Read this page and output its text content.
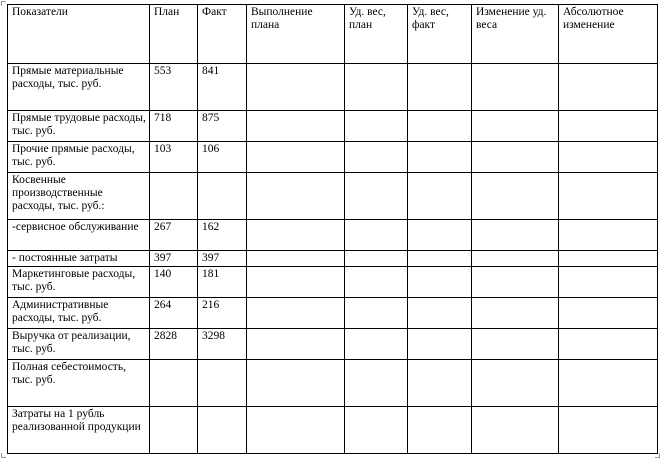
Показатели	План	Факт	Выполнение плана	Уд. вес, план	Уд. вес, факт	Изменение уд. веса	Абсолютное изменение
Прямые материальные расходы, тыс. руб.	553	841					
Прямые трудовые расходы, тыс. руб.	718	875					
Прочие прямые расходы, тыс. руб.	103	106					
Косвенные производственные расходы, тыс. руб.:							
-сервисное обслуживание	267	162					
- постоянные затраты	397	397					
Маркетинговые расходы, тыс. руб.	140	181					
Административные расходы, тыс. руб.	264	216					
Выручка от реализации, тыс. руб.	2828	3298					
Полная себестоимость, тыс. руб.							
Затраты на 1 рубль реализованной продукции							
